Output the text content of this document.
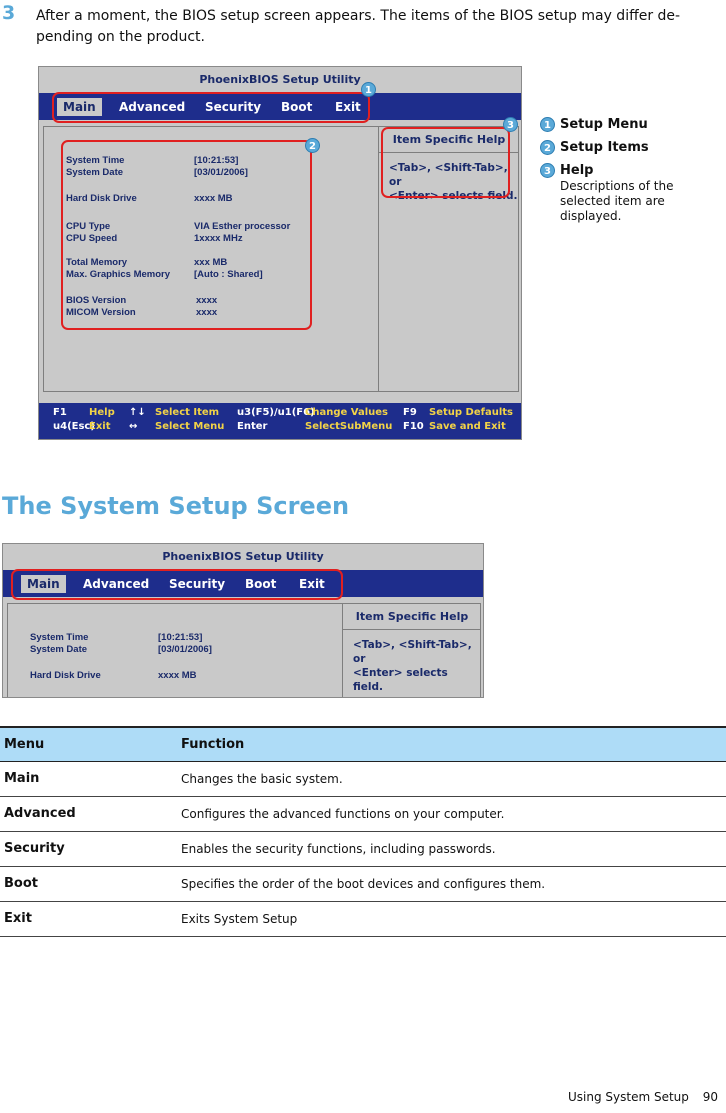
3 After a moment, the BIOS setup screen appears. The items of the BIOS setup may differ de-pending on the product.

PhoenixBIOS Setup Utility
Main	Advanced Security Boot Exit
System Time	[10:21:53]
System Date	[03/01/2006]
Hard Disk Drive	xxxx MB
CPU Type	VIA Esther processor
CPU Speed	1xxxx MHz
Total Memory	xxx MB
Max. Graphics Memory	[Auto : Shared]
BIOS Version	xxxx
MICOM Version	xxxx
Item Specific Help
<Tab>, <Shift-Tab>, or
<Enter> selects field.
F1 Help ↑↓ Select Item u3(F5)/u1(F6)
Change Values F9 Setup Defaults
u4(Esc)
Exit ↔ Select Menu Enter	SelectSubMenu F10 Save and Exit
1
2
3	1 Setup Menu
2 Setup Items
3 Help
Descriptions of the selected item are displayed.
The System Setup Screen
PhoenixBIOS Setup Utility
Main	Advanced Security Boot Exit
System Time	[10:21:53]
System Date	[03/01/2006]
Hard Disk Drive	xxxx MB
Item Specific Help
<Tab>, <Shift-Tab>, or
<Enter> selects field.
Menu	Function
Main	Changes the basic system.
Advanced	Configures the advanced functions on your computer.
Security	Enables the security functions, including passwords.
Boot	Specifies the order of the boot devices and configures them.
Exit	Exits System Setup
Using System Setup 90
